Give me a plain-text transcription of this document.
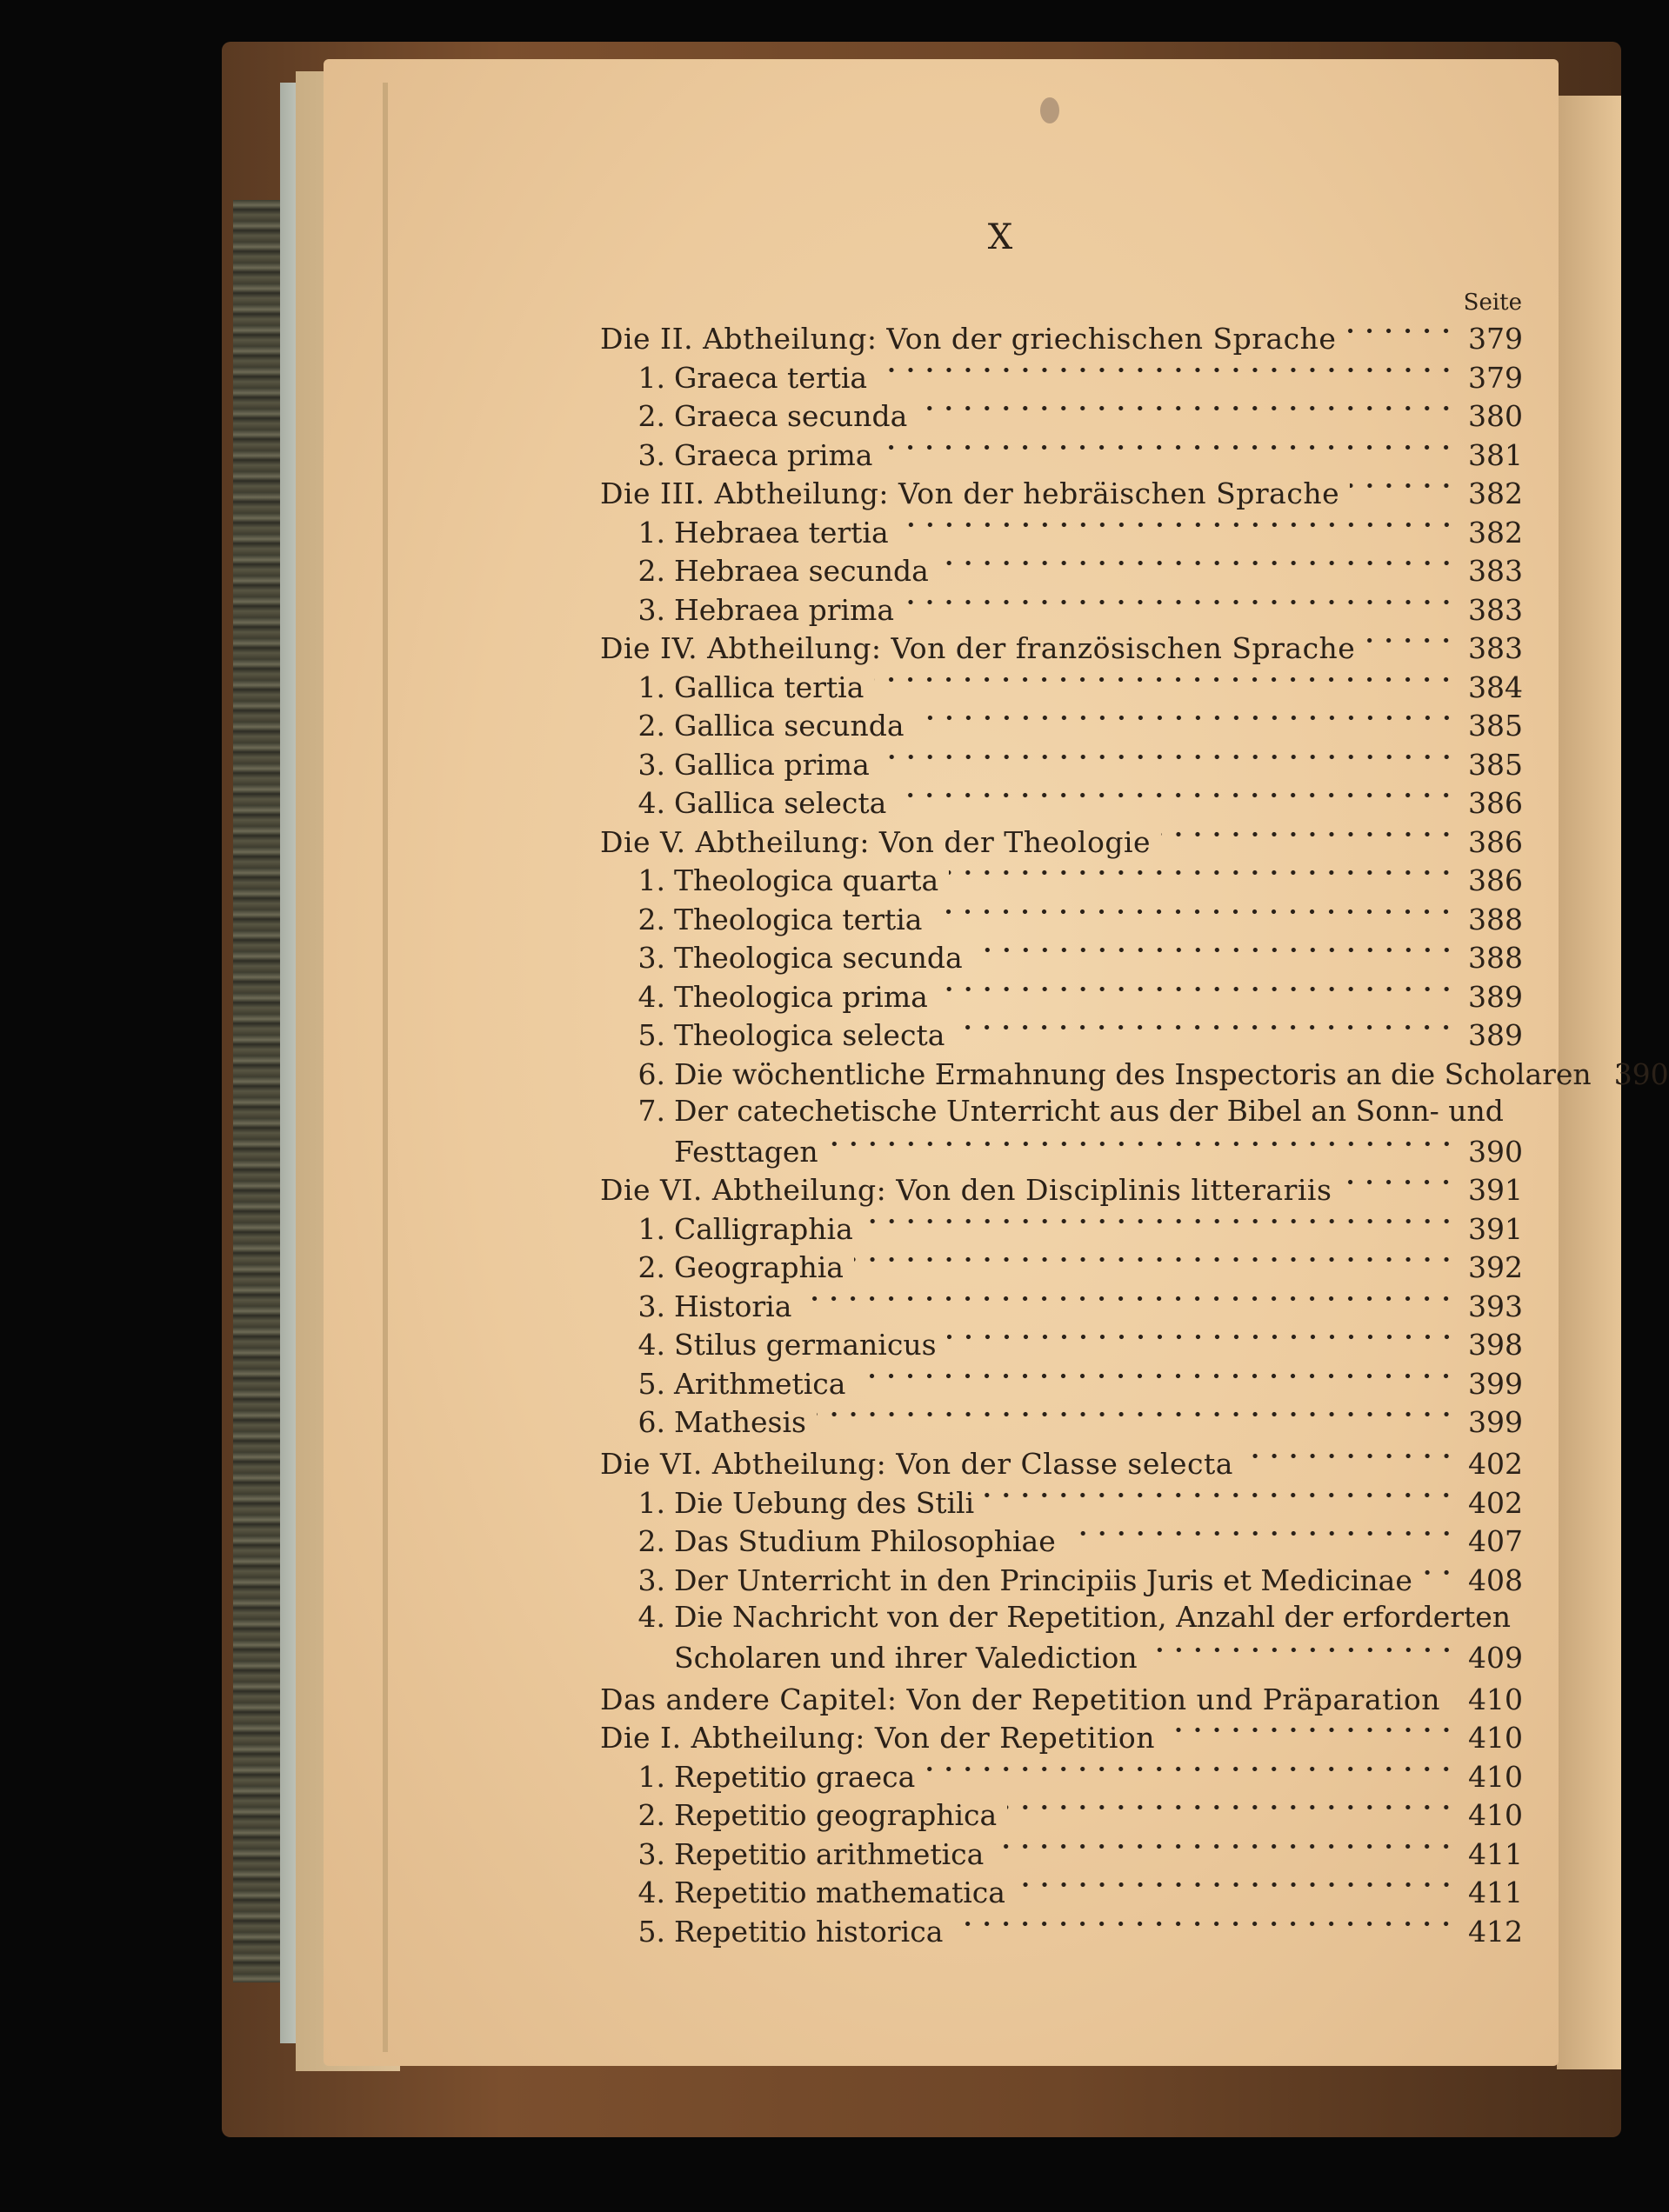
X
Seite
Die II. Abtheilung: Von der griechischen Sprache	379
1. Graeca tertia	379
2. Graeca secunda	380
3. Graeca prima	381
Die III. Abtheilung: Von der hebräischen Sprache	382
1. Hebraea tertia	382
2. Hebraea secunda	383
3. Hebraea prima	383
Die IV. Abtheilung: Von der französischen Sprache	383
1. Gallica tertia	384
2. Gallica secunda	385
3. Gallica prima	385
4. Gallica selecta	386
Die V. Abtheilung: Von der Theologie	386
1. Theologica quarta	386
2. Theologica tertia	388
3. Theologica secunda	388
4. Theologica prima	389
5. Theologica selecta	389
6. Die wöchentliche Ermahnung des Inspectoris an die Scholaren 390
7. Der catechetische Unterricht aus der Bibel an Sonn- und
Festtagen	390
Die VI. Abtheilung: Von den Disciplinis litterariis	391
1. Calligraphia	391
2. Geographia	392
3. Historia	393
4. Stilus germanicus	398
5. Arithmetica	399
6. Mathesis	399
Die VI. Abtheilung: Von der Classe selecta	402
1. Die Uebung des Stili	402
2. Das Studium Philosophiae	407
3. Der Unterricht in den Principiis Juris et Medicinae 408
4. Die Nachricht von der Repetition, Anzahl der erforderten
Scholaren und ihrer Valediction	409
Das andere Capitel: Von der Repetition und Präparation 410
Die I. Abtheilung: Von der Repetition	410
1. Repetitio graeca	410
2. Repetitio geographica	410
3. Repetitio arithmetica	411
4. Repetitio mathematica	411
5. Repetitio historica	412
